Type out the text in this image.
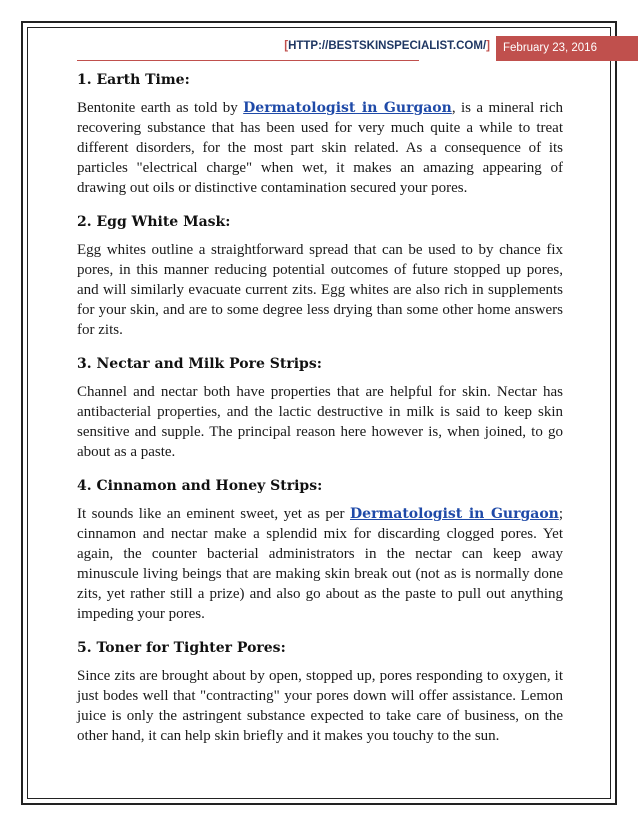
[HTTP://BESTSKINSPECIALIST.COM/]	February 23, 2016
1. Earth Time:

Bentonite earth as told by Dermatologist in Gurgaon, is a mineral rich recovering substance that has been used for very much quite a while to treat different disorders, for the most part skin related. As a consequence of its particles "electrical charge" when wet, it makes an amazing appearing of drawing out oils or distinctive contamination secured your pores.

2. Egg White Mask:

Egg whites outline a straightforward spread that can be used to by chance fix pores, in this manner reducing potential outcomes of future stopped up pores, and will similarly evacuate current zits. Egg whites are also rich in supplements for your skin, and are to some degree less drying than some other home answers for zits.

3. Nectar and Milk Pore Strips:

Channel and nectar both have properties that are helpful for skin. Nectar has antibacterial properties, and the lactic destructive in milk is said to keep skin sensitive and supple. The principal reason here however is, when joined, to go about as a paste.

4. Cinnamon and Honey Strips:

It sounds like an eminent sweet, yet as per Dermatologist in Gurgaon; cinnamon and nectar make a splendid mix for discarding clogged pores. Yet again, the counter bacterial administrators in the nectar can keep away minuscule living beings that are making skin break out (not as is normally done zits, yet rather still a prize) and also go about as the paste to pull out anything impeding your pores.

5. Toner for Tighter Pores:

Since zits are brought about by open, stopped up, pores responding to oxygen, it just bodes well that "contracting" your pores down will offer assistance. Lemon juice is only the astringent substance expected to take care of business, on the other hand, it can help skin briefly and it makes you touchy to the sun.
